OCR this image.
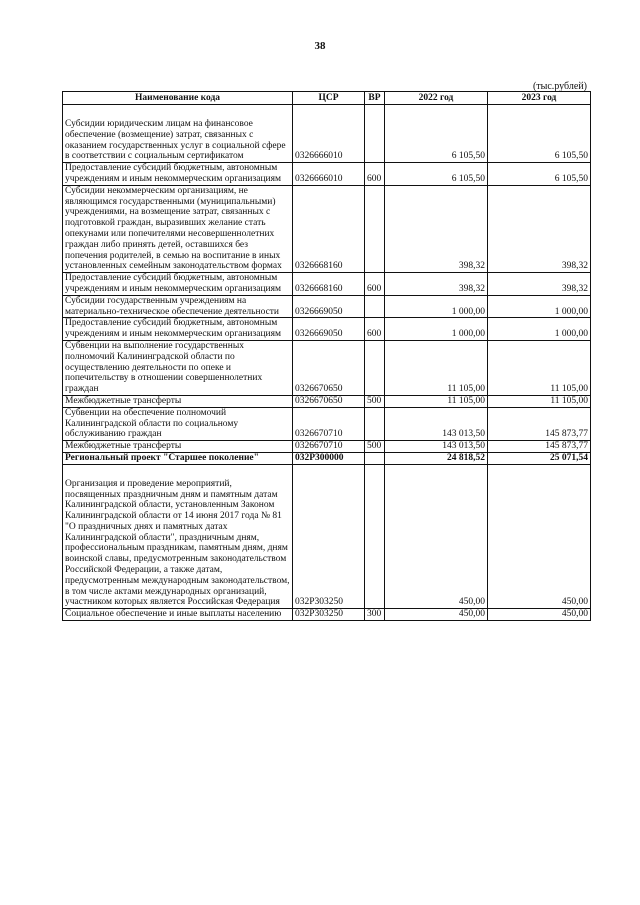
38
(тыс.рублей)
Наименование кода	ЦСР	ВР	2022 год	2023 год
Субсидии юридическим лицам на финансовое обеспечение (возмещение) затрат, связанных с оказанием государственных услуг в социальной сфере в соответствии с социальным сертификатом	0326666010		6 105,50	6 105,50
Предоставление субсидий бюджетным, автономным учреждениям и иным некоммерческим организациям	0326666010	600	6 105,50	6 105,50
Субсидии некоммерческим организациям, не являющимся государственными (муниципальными) учреждениями, на возмещение затрат, связанных с подготовкой граждан, выразивших желание стать опекунами или попечителями несовершеннолетних граждан либо принять детей, оставшихся без попечения родителей, в семью на воспитание в иных установленных семейным законодательством формах	0326668160		398,32	398,32
Предоставление субсидий бюджетным, автономным учреждениям и иным некоммерческим организациям	0326668160	600	398,32	398,32
Субсидии государственным учреждениям на материально-техническое обеспечение деятельности	0326669050		1 000,00	1 000,00
Предоставление субсидий бюджетным, автономным учреждениям и иным некоммерческим организациям	0326669050	600	1 000,00	1 000,00
Субвенции на выполнение государственных полномочий Калининградской области по осуществлению деятельности по опеке и попечительству в отношении совершеннолетних граждан	0326670650		11 105,00	11 105,00
Межбюджетные трансферты	0326670650	500	11 105,00	11 105,00
Субвенции на обеспечение полномочий Калининградской области по социальному обслуживанию граждан	0326670710		143 013,50	145 873,77
Межбюджетные трансферты	0326670710	500	143 013,50	145 873,77
Региональный проект "Старшее поколение"	032P300000		24 818,52	25 071,54
Организация и проведение мероприятий, посвященных праздничным дням и памятным датам Калининградской области, установленным Законом Калининградской области от 14 июня 2017 года № 81 "О праздничных днях и памятных датах Калининградской области", праздничным дням, профессиональным праздникам, памятным дням, дням воинской славы, предусмотренным законодательством Российской Федерации, а также датам, предусмотренным международным законодательством, в том числе актами международных организаций, участником которых является Российская Федерация	032P303250		450,00	450,00
Социальное обеспечение и иные выплаты населению	032P303250	300	450,00	450,00
